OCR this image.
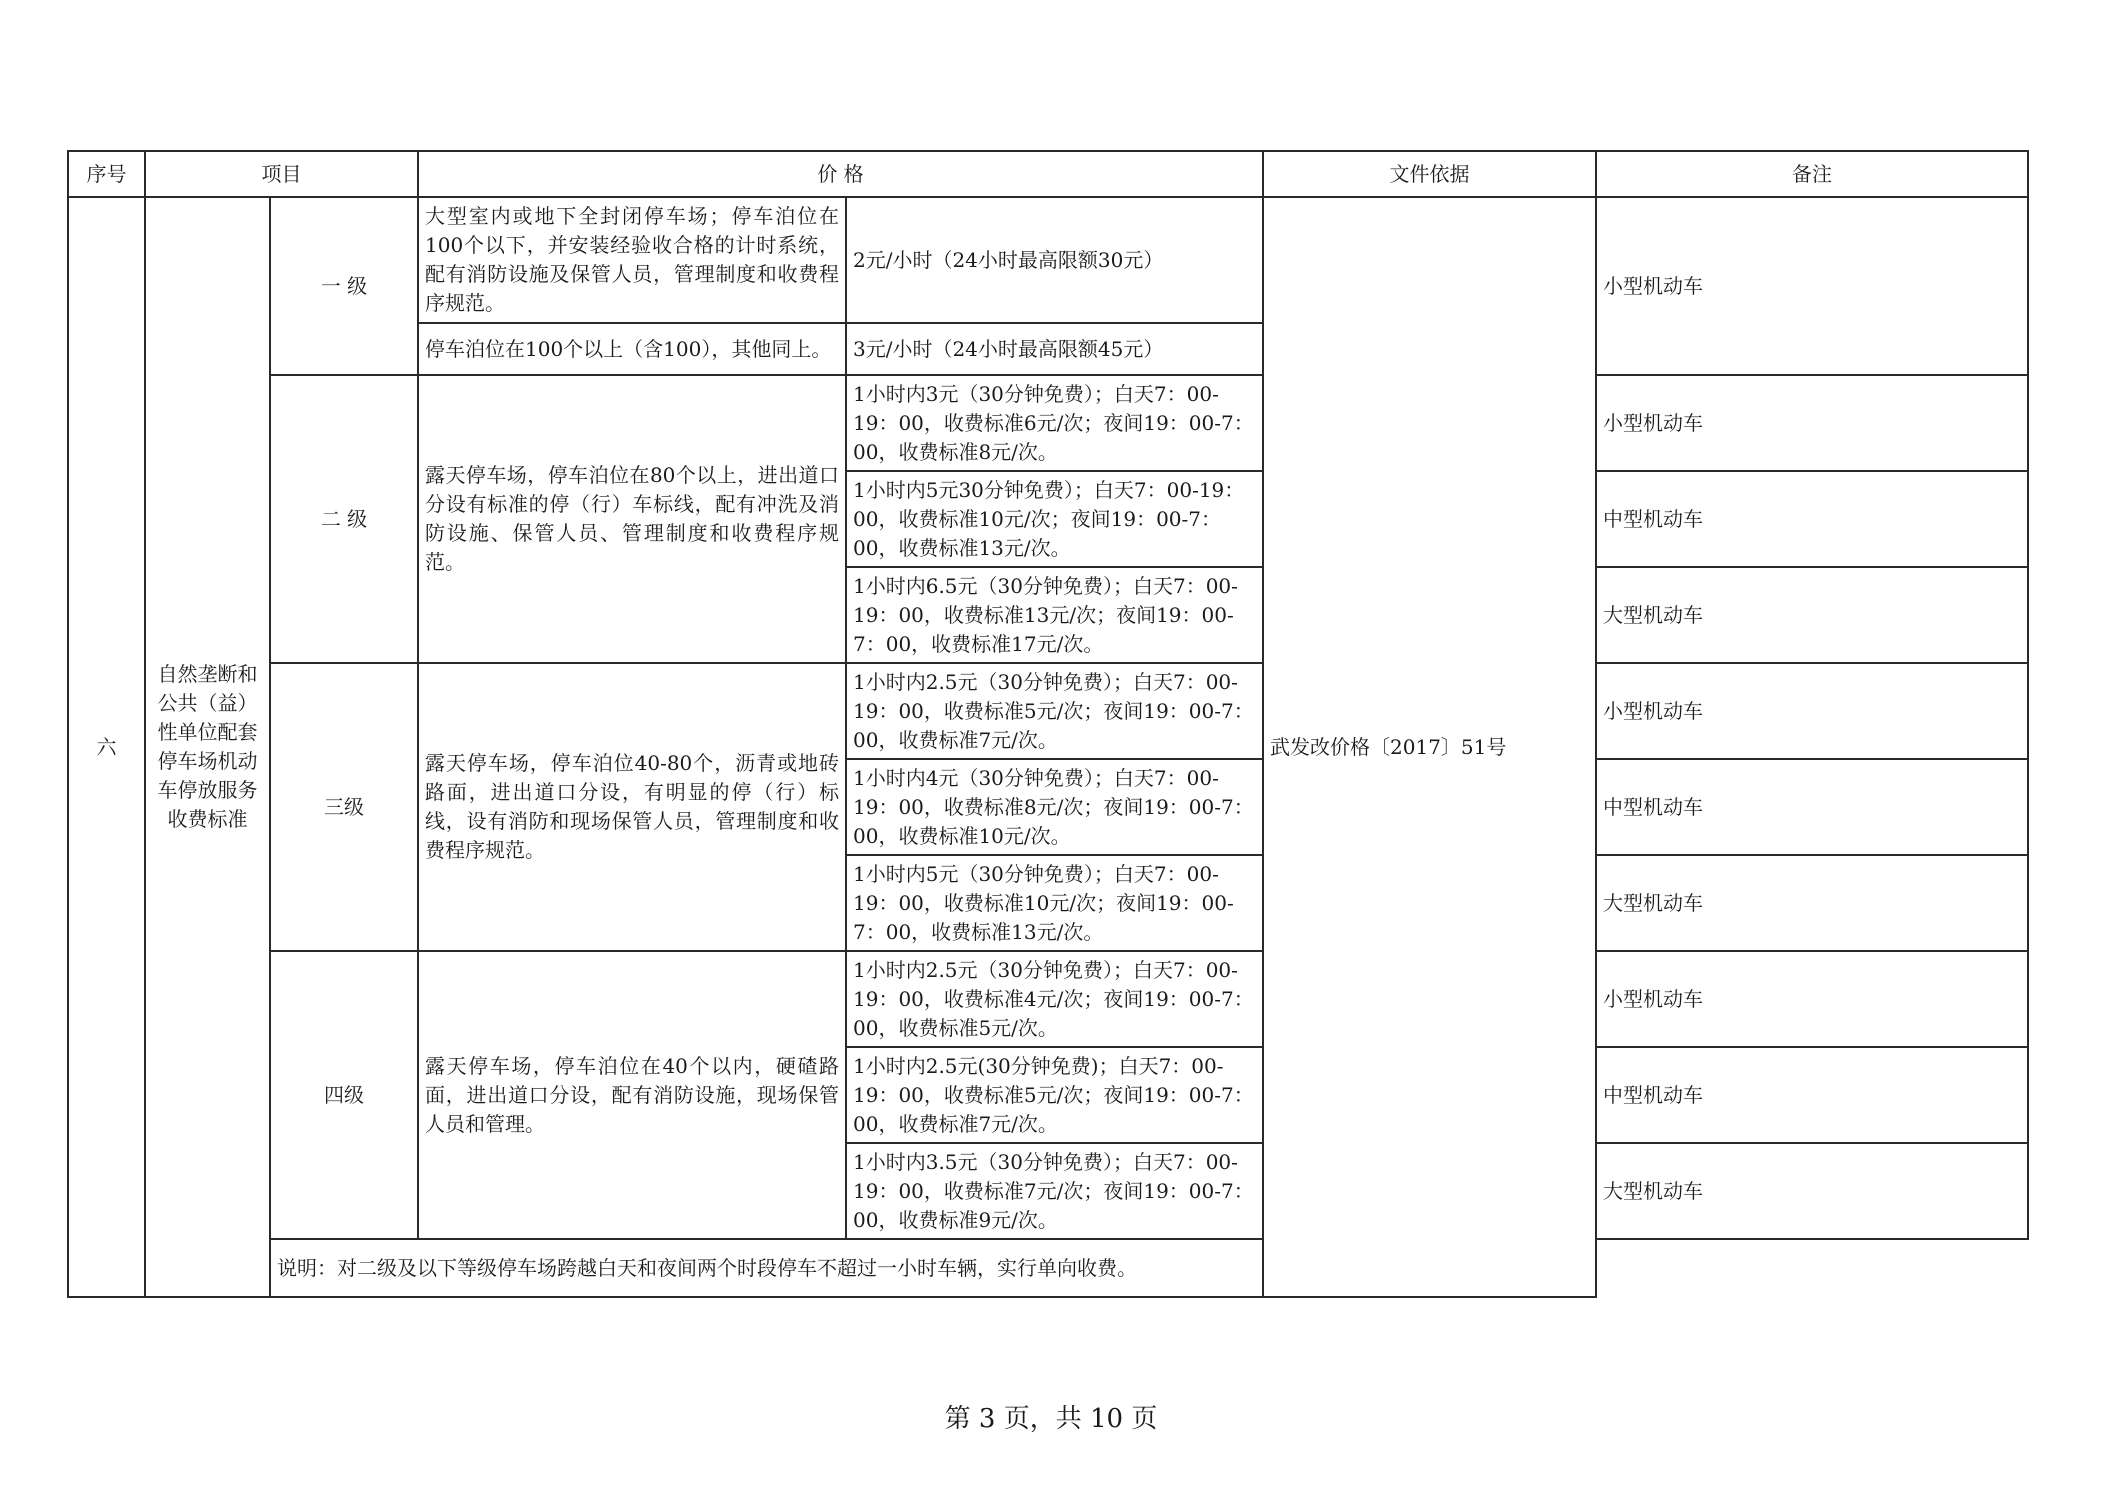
序号	项目		价 格		文件依据	备注
六	自然垄断和公共（益）性单位配套停车场机动车停放服务收费标准	一 级	大型室内或地下全封闭停车场；停车泊位在100个以下，并安装经验收合格的计时系统，配有消防设施及保管人员，管理制度和收费程序规范。	2元/小时（24小时最高限额30元）	武发改价格〔2017〕51号	小型机动车
			停车泊位在100个以上（含100），其他同上。	3元/小时（24小时最高限额45元）		
		二 级	露天停车场，停车泊位在80个以上，进出道口分设有标准的停（行）车标线，配有冲洗及消防设施、保管人员、管理制度和收费程序规范。	1小时内3元（30分钟免费）；白天7：00-19：00，收费标准6元/次；夜间19：00-7：00，收费标准8元/次。		小型机动车
				1小时内5元30分钟免费）；白天7：00-19：00，收费标准10元/次；夜间19：00-7：00，收费标准13元/次。		中型机动车
				1小时内6.5元（30分钟免费）；白天7：00-19：00，收费标准13元/次；夜间19：00-7：00，收费标准17元/次。		大型机动车
		三级	露天停车场，停车泊位40-80个，沥青或地砖路面，进出道口分设，有明显的停（行）标线，设有消防和现场保管人员，管理制度和收费程序规范。	1小时内2.5元（30分钟免费）；白天7：00-19：00，收费标准5元/次；夜间19：00-7：00，收费标准7元/次。		小型机动车
				1小时内4元（30分钟免费）；白天7：00-19：00，收费标准8元/次；夜间19：00-7：00，收费标准10元/次。		中型机动车
				1小时内5元（30分钟免费）；白天7：00-19：00，收费标准10元/次；夜间19：00-7：00，收费标准13元/次。		大型机动车
		四级	露天停车场，停车泊位在40个以内，硬碴路面，进出道口分设，配有消防设施，现场保管人员和管理。	1小时内2.5元（30分钟免费）；白天7：00-19：00，收费标准4元/次；夜间19：00-7：00，收费标准5元/次。		小型机动车
				1小时内2.5元(30分钟免费)；白天7：00-19：00，收费标准5元/次；夜间19：00-7：00，收费标准7元/次。		中型机动车
				1小时内3.5元（30分钟免费）；白天7：00-19：00，收费标准7元/次；夜间19：00-7：00，收费标准9元/次。		大型机动车
		说明：对二级及以下等级停车场跨越白天和夜间两个时段停车不超过一小时车辆，实行单向收费。				
第 3 页，共 10 页
